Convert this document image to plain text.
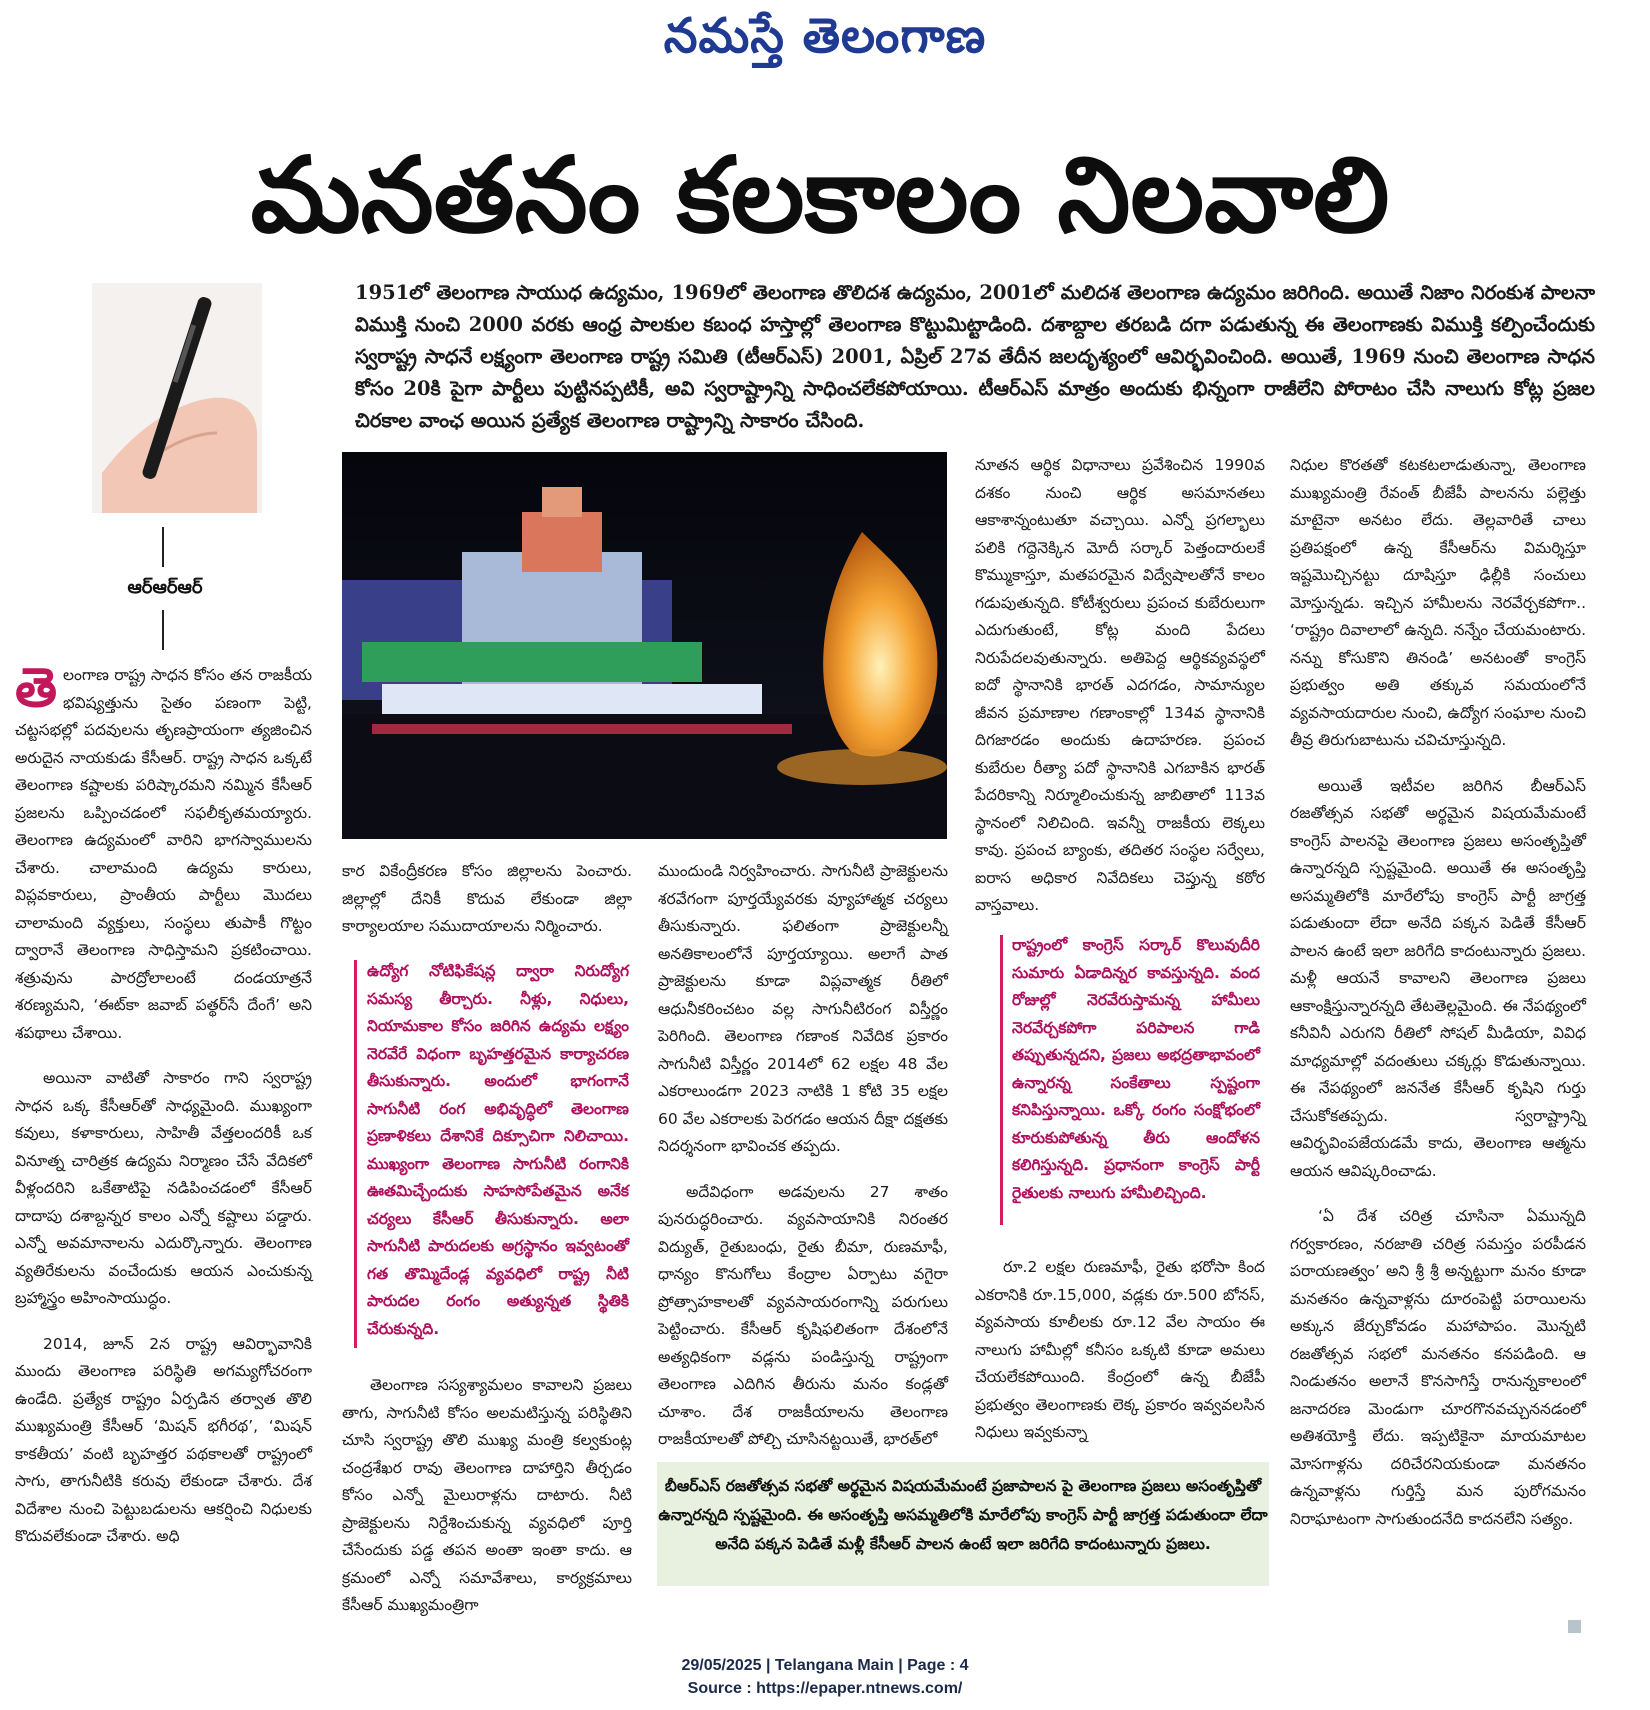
నమస్తే తెలంగాణ
మనతనం కలకాలం నిలవాలి
ఆర్ఆర్ఆర్
1951లో తెలంగాణ సాయుధ ఉద్యమం, 1969లో తెలంగాణ తొలిదశ ఉద్యమం, 2001లో మలిదశ తెలంగాణ ఉద్యమం జరిగింది. అయితే నిజాం నిరంకుశ పాలనా విముక్తి నుంచి 2000 వరకు ఆంధ్ర పాలకుల కబంధ హస్తాల్లో తెలంగాణ కొట్టుమిట్టాడింది. దశాబ్దాల తరబడి దగా పడుతున్న ఈ తెలంగాణకు విముక్తి కల్పించేందుకు స్వరాష్ట్ర సాధనే లక్ష్యంగా తెలంగాణ రాష్ట్ర సమితి (టీఆర్ఎస్) 2001, ఏప్రిల్ 27వ తేదీన జలదృశ్యంలో ఆవిర్భవించింది. అయితే, 1969 నుంచి తెలంగాణ సాధన కోసం 20కి పైగా పార్టీలు పుట్టినప్పటికీ, అవి స్వరాష్ట్రాన్ని సాధించలేకపోయాయి. టీఆర్ఎస్ మాత్రం అందుకు భిన్నంగా రాజీలేని పోరాటం చేసి నాలుగు కోట్ల ప్రజల చిరకాల వాంఛ అయిన ప్రత్యేక తెలంగాణ రాష్ట్రాన్ని సాకారం చేసింది.

తెలంగాణ రాష్ట్ర సాధన కోసం తన రాజకీయ భవిష్యత్తును సైతం పణంగా పెట్టి, చట్టసభల్లో పదవులను తృణప్రాయంగా త్యజించిన అరుదైన నాయకుడు కేసీఆర్. రాష్ట్ర సాధన ఒక్కటే తెలంగాణ కష్టాలకు పరిష్కారమని నమ్మిన కేసీఆర్ ప్రజలను ఒప్పించడంలో సఫలీకృతమయ్యారు. తెలంగాణ ఉద్యమంలో వారిని భాగస్వాములను చేశారు. చాలామంది ఉద్యమ కారులు, విప్లవకారులు, ప్రాంతీయ పార్టీలు మొదలు చాలామంది వ్యక్తులు, సంస్థలు తుపాకీ గొట్టం ద్వారానే తెలంగాణ సాధిస్తామని ప్రకటించాయి. శత్రువును పారద్రోలాలంటే దండయాత్రనే శరణ్యమని, ‘ఈట్‌కా జవాబ్ పత్థర్‌సే దేంగే’ అని శపథాలు చేశాయి.

అయినా వాటితో సాకారం గాని స్వరాష్ట్ర సాధన ఒక్క కేసీఆర్‌తో సాధ్యమైంది. ముఖ్యంగా కవులు, కళాకారులు, సాహితీ వేత్తలందరికీ ఒక వినూత్న చారిత్రక ఉద్యమ నిర్మాణం చేసే వేదికలో వీళ్లందరిని ఒకేతాటిపై నడిపించడంలో కేసీఆర్ దాదాపు దశాబ్దన్నర కాలం ఎన్నో కష్టాలు పడ్డారు. ఎన్నో అవమానాలను ఎదుర్కొన్నారు. తెలంగాణ వ్యతిరేకులను వంచేందుకు ఆయన ఎంచుకున్న బ్రహ్మాస్త్రం అహింసాయుద్ధం.

2014, జూన్ 2న రాష్ట్ర ఆవిర్భావానికి ముందు తెలంగాణ పరిస్థితి అగమ్యగోచరంగా ఉండేది. ప్రత్యేక రాష్ట్రం ఏర్పడిన తర్వాత తొలి ముఖ్యమంత్రి కేసీఆర్ ‘మిషన్ భగీరథ’, ‘మిషన్ కాకతీయ’ వంటి బృహత్తర పథకాలతో రాష్ట్రంలో సాగు, తాగునీటికి కరువు లేకుండా చేశారు. దేశ విదేశాల నుంచి పెట్టుబడులను ఆకర్షించి నిధులకు కొదువలేకుండా చేశారు. అధి

కార వికేంద్రీకరణ కోసం జిల్లాలను పెంచారు. జిల్లాల్లో దేనికీ కొదువ లేకుండా జిల్లా కార్యాలయాల సముదాయాలను నిర్మించారు.

ఉద్యోగ నోటిఫికేషన్ల ద్వారా నిరుద్యోగ సమస్య తీర్చారు. నీళ్లు, నిధులు, నియామకాల కోసం జరిగిన ఉద్యమ లక్ష్యం నెరవేరే విధంగా బృహత్తరమైన కార్యాచరణ తీసుకున్నారు. అందులో భాగంగానే సాగునీటి రంగ అభివృద్ధిలో తెలంగాణ ప్రణాళికలు దేశానికే దిక్సూచిగా నిలిచాయి. ముఖ్యంగా తెలంగాణ సాగునీటి రంగానికి ఊతమిచ్చేందుకు సాహసోపేతమైన అనేక చర్యలు కేసీఆర్ తీసుకున్నారు. అలా సాగునీటి పారుదలకు అగ్రస్థానం ఇవ్వటంతో గత తొమ్మిదేండ్ల వ్యవధిలో రాష్ట్ర నీటి పారుదల రంగం అత్యున్నత స్థితికి చేరుకున్నది.

తెలంగాణ సస్యశ్యామలం కావాలని ప్రజలు తాగు, సాగునీటి కోసం అలమటిస్తున్న పరిస్థితిని చూసి స్వరాష్ట్ర తొలి ముఖ్య మంత్రి కల్వకుంట్ల చంద్రశేఖర రావు తెలంగాణ దాహార్తిని తీర్చడం కోసం ఎన్నో మైలురాళ్లను దాటారు. నీటి ప్రాజెక్టులను నిర్దేశించుకున్న వ్యవధిలో పూర్తి చేసేందుకు పడ్డ తపన అంతా ఇంతా కాదు. ఆ క్రమంలో ఎన్నో సమావేశాలు, కార్యక్రమాలు కేసీఆర్ ముఖ్యమంత్రిగా

ముందుండి నిర్వహించారు. సాగునీటి ప్రాజెక్టులను శరవేగంగా పూర్తయ్యేవరకు వ్యూహాత్మక చర్యలు తీసుకున్నారు. ఫలితంగా ప్రాజెక్టులన్నీ అనతికాలంలోనే పూర్తయ్యాయి. అలాగే పాత ప్రాజెక్టులను కూడా విప్లవాత్మక రీతిలో ఆధునీకరించటం వల్ల సాగునీటిరంగ విస్తీర్ణం పెరిగింది. తెలంగాణ గణాంక నివేదిక ప్రకారం సాగునీటి విస్తీర్ణం 2014లో 62 లక్షల 48 వేల ఎకరాలుండగా 2023 నాటికి 1 కోటి 35 లక్షల 60 వేల ఎకరాలకు పెరగడం ఆయన దీక్షా దక్షతకు నిదర్శనంగా భావించక తప్పదు.

అదేవిధంగా అడవులను 27 శాతం పునరుద్ధరించారు. వ్యవసాయానికి నిరంతర విద్యుత్, రైతుబంధు, రైతు బీమా, రుణమాఫీ, ధాన్యం కొనుగోలు కేంద్రాల ఏర్పాటు వగైరా ప్రోత్సాహకాలతో వ్యవసాయరంగాన్ని పరుగులు పెట్టించారు. కేసీఆర్ కృషిఫలితంగా దేశంలోనే అత్యధికంగా వడ్లను పండిస్తున్న రాష్ట్రంగా తెలంగాణ ఎదిగిన తీరును మనం కండ్లతో చూశాం. దేశ రాజకీయాలను తెలంగాణ రాజకీయాలతో పోల్చి చూసినట్టయితే, భారత్‌లో

నూతన ఆర్థిక విధానాలు ప్రవేశించిన 1990వ దశకం నుంచి ఆర్థిక అసమానతలు ఆకాశాన్నంటుతూ వచ్చాయి. ఎన్నో ప్రగల్భాలు పలికి గద్దెనెక్కిన మోదీ సర్కార్ పెత్తందారులకే కొమ్ముకాస్తూ, మతపరమైన విద్వేషాలతోనే కాలం గడుపుతున్నది. కోటీశ్వరులు ప్రపంచ కుబేరులుగా ఎదుగుతుంటే, కోట్ల మంది పేదలు నిరుపేదలవుతున్నారు. అతిపెద్ద ఆర్థికవ్యవస్థలో ఐదో స్థానానికి భారత్ ఎదగడం, సామాన్యుల జీవన ప్రమాణాల గణాంకాల్లో 134వ స్థానానికి దిగజారడం అందుకు ఉదాహరణ. ప్రపంచ కుబేరుల రీత్యా పదో స్థానానికి ఎగబాకిన భారత్ పేదరికాన్ని నిర్మూలించుకున్న జాబితాలో 113వ స్థానంలో నిలిచింది. ఇవన్నీ రాజకీయ లెక్కలు కావు. ప్రపంచ బ్యాంకు, తదితర సంస్థల సర్వేలు, ఐరాస అధికార నివేదికలు చెప్తున్న కఠోర వాస్తవాలు.

రాష్ట్రంలో కాంగ్రెస్ సర్కార్ కొలువుదీరి సుమారు ఏడాదిన్నర కావస్తున్నది. వంద రోజుల్లో నెరవేరుస్తామన్న హామీలు నెరవేర్చకపోగా పరిపాలన గాడి తప్పుతున్నదని, ప్రజలు అభద్రతాభావంలో ఉన్నారన్న సంకేతాలు స్పష్టంగా కనిపిస్తున్నాయి. ఒక్కో రంగం సంక్షోభంలో కూరుకుపోతున్న తీరు ఆందోళన కలిగిస్తున్నది. ప్రధానంగా కాంగ్రెస్ పార్టీ రైతులకు నాలుగు హామీలిచ్చింది.

రూ.2 లక్షల రుణమాఫీ, రైతు భరోసా కింద ఎకరానికి రూ.15,000, వడ్లకు రూ.500 బోనస్, వ్యవసాయ కూలీలకు రూ.12 వేల సాయం ఈ నాలుగు హామీల్లో కనీసం ఒక్కటి కూడా అమలు చేయలేకపోయింది. కేంద్రంలో ఉన్న బీజేపీ ప్రభుత్వం తెలంగాణకు లెక్క ప్రకారం ఇవ్వవలసిన నిధులు ఇవ్వకున్నా

నిధుల కొరతతో కటకటలాడుతున్నా, తెలంగాణ ముఖ్యమంత్రి రేవంత్ బీజేపీ పాలనను పల్లెత్తు మాటైనా అనటం లేదు. తెల్లవారితే చాలు ప్రతిపక్షంలో ఉన్న కేసీఆర్‌ను విమర్శిస్తూ ఇష్టమొచ్చినట్టు దూషిస్తూ ఢిల్లీకి సంచులు మోస్తున్నడు. ఇచ్చిన హామీలను నెరవేర్చకపోగా.. ‘రాష్ట్రం దివాలాలో ఉన్నది. నన్నేం చేయమంటారు. నన్ను కోసుకొని తినండి’ అనటంతో కాంగ్రెస్ ప్రభుత్వం అతి తక్కువ సమయంలోనే వ్యవసాయదారుల నుంచి, ఉద్యోగ సంఘాల నుంచి తీవ్ర తిరుగుబాటును చవిచూస్తున్నది.

అయితే ఇటీవల జరిగిన బీఆర్ఎస్ రజతోత్సవ సభతో అర్థమైన విషయమేమంటే కాంగ్రెస్ పాలనపై తెలంగాణ ప్రజలు అసంతృప్తితో ఉన్నారన్నది స్పష్టమైంది. అయితే ఈ అసంతృప్తి అసమ్మతిలోకి మారేలోపు కాంగ్రెస్ పార్టీ జాగ్రత్త పడుతుందా లేదా అనేది పక్కన పెడితే కేసీఆర్ పాలన ఉంటే ఇలా జరిగేది కాదంటున్నారు ప్రజలు. మళ్లీ ఆయనే కావాలని తెలంగాణ ప్రజలు ఆకాంక్షిస్తున్నారన్నది తేటతెల్లమైంది. ఈ నేపథ్యంలో కనీవినీ ఎరుగని రీతిలో సోషల్ మీడియా, వివిధ మాధ్యమాల్లో వదంతులు చక్కర్లు కొడుతున్నాయి. ఈ నేపథ్యంలో జననేత కేసీఆర్ కృషిని గుర్తు చేసుకోకతప్పదు. స్వరాష్ట్రాన్ని ఆవిర్భవింపజేయడమే కాదు, తెలంగాణ ఆత్మను ఆయన ఆవిష్కరించాడు.

‘ఏ దేశ చరిత్ర చూసినా ఏమున్నది గర్వకారణం, నరజాతి చరిత్ర సమస్తం పరపీడన పరాయణత్వం’ అని శ్రీ శ్రీ అన్నట్టుగా మనం కూడా మనతనం ఉన్నవాళ్లను దూరంపెట్టి పరాయిలను అక్కున జేర్చుకోవడం మహాపాపం. మొన్నటి రజతోత్సవ సభలో మనతనం కనపడింది. ఆ నిండుతనం అలానే కొనసాగిస్తే రానున్నకాలంలో జనాదరణ మెండుగా చూరగొనవచ్చుననడంలో అతిశయోక్తి లేదు. ఇప్పటికైనా మాయమాటల మోసగాళ్లను దరిచేరనియకుండా మనతనం ఉన్నవాళ్లను గుర్తిస్తే మన పురోగమనం నిరాఘాటంగా సాగుతుందనేది కాదనలేని సత్యం.

బీఆర్ఎస్ రజతోత్సవ సభతో అర్థమైన విషయమేమంటే ప్రజాపాలన పై తెలంగాణ ప్రజలు అసంతృప్తితో ఉన్నారన్నది స్పష్టమైంది. ఈ అసంతృప్తి అసమ్మతిలోకి మారేలోపు కాంగ్రెస్ పార్టీ జాగ్రత్త పడుతుందా లేదా అనేది పక్కన పెడితే మళ్లీ కేసీఆర్ పాలన ఉంటే ఇలా జరిగేది కాదంటున్నారు ప్రజలు.
29/05/2025 | Telangana Main | Page : 4
Source : https://epaper.ntnews.com/
